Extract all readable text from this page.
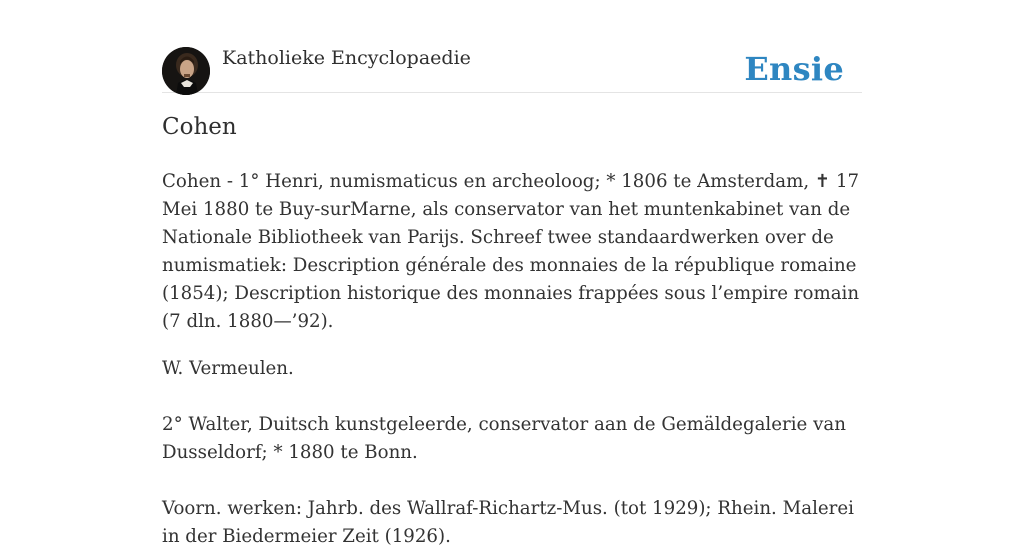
Katholieke Encyclopaedie	Ensie
Cohen

Cohen - 1° Henri, numismaticus en archeoloog; * 1806 te Amsterdam, ✝ 17 Mei 1880 te Buy-surMarne, als conservator van het muntenkabinet van de Nationale Bibliotheek van Parijs. Schreef twee standaardwerken over de numismatiek: Description générale des monnaies de la république romaine (1854); Description historique des monnaies frappées sous l’empire romain (7 dln. 1880—’92).

W. Vermeulen.

2° Walter, Duitsch kunstgeleerde, conservator aan de Gemäldegalerie van Dusseldorf; * 1880 te Bonn.

Voorn. werken: Jahrb. des Wallraf-Richartz-Mus. (tot 1929); Rhein. Malerei in der Biedermeier Zeit (1926).
